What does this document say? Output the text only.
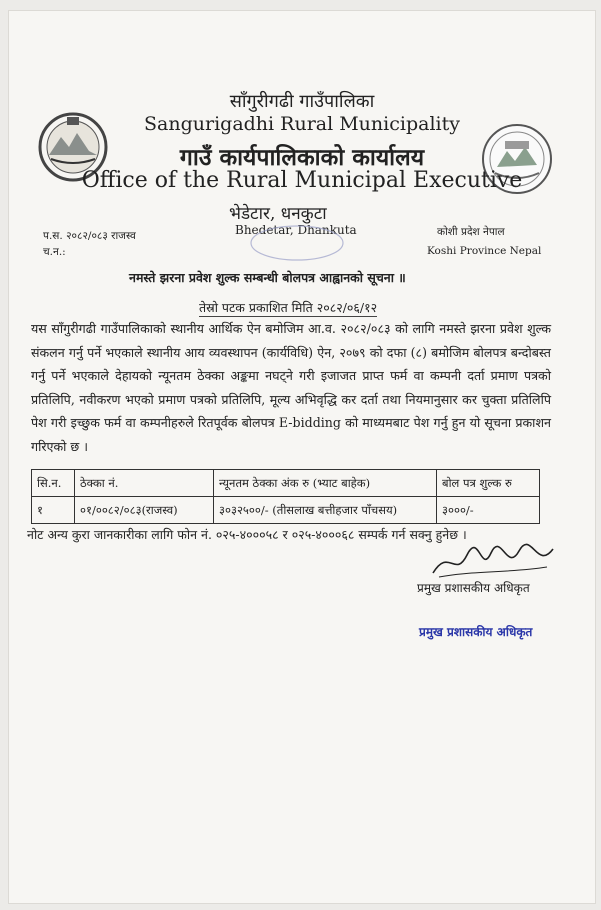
साँगुरीगढी गाउँपालिका
Sangurigadhi Rural Municipality
गाउँ कार्यपालिकाको कार्यालय
Office of the Rural Municipal Executive
भेडेटार, धनकुटा
Bhedetar, Dhankuta
प.स. २०८२/०८३ राजस्व
च.न.:
कोशी प्रदेश नेपाल
Koshi Province Nepal
नमस्ते झरना प्रवेश शुल्क सम्बन्धी बोलपत्र आह्वानको सूचना ॥
तेस्रो पटक प्रकाशित मिति २०८२/०६/१२
यस साँगुरीगढी गाउँपालिकाको स्थानीय आर्थिक ऐन बमोजिम आ.व. २०८२/०८३ को लागि नमस्ते झरना प्रवेश शुल्क संकलन गर्नु पर्ने भएकाले स्थानीय आय व्यवस्थापन (कार्यविधि) ऐन, २०७९ को दफा (८) बमोजिम बोलपत्र बन्दोबस्त गर्नु पर्ने भएकाले देहायको न्यूनतम ठेक्का अङ्कमा नघट्ने गरी इजाजत प्राप्त फर्म वा कम्पनी दर्ता प्रमाण पत्रको प्रतिलिपि, नवीकरण भएको प्रमाण पत्रको प्रतिलिपि, मूल्य अभिवृद्धि कर दर्ता तथा नियमानुसार कर चुक्ता प्रतिलिपि पेश गरी इच्छुक फर्म वा कम्पनीहरुले रितपूर्वक बोलपत्र E-bidding को माध्यमबाट पेश गर्नु हुन यो सूचना प्रकाशन गरिएको छ ।
सि.न.	ठेक्का नं.	न्यूनतम ठेक्का अंक रु (भ्याट बाहेक)	बोल पत्र शुल्क रु
१	०१/००८२/०८३(राजस्व)	३०३२५००/- (तीसलाख बत्तीहजार पाँचसय)	३०००/-
नोट अन्य कुरा जानकारीका लागि फोन नं. ०२५-४०००५८ र ०२५-४०००६८ सम्पर्क गर्न सक्नु हुनेछ ।
प्रमुख प्रशासकीय अधिकृत
प्रमुख प्रशासकीय अधिकृत
